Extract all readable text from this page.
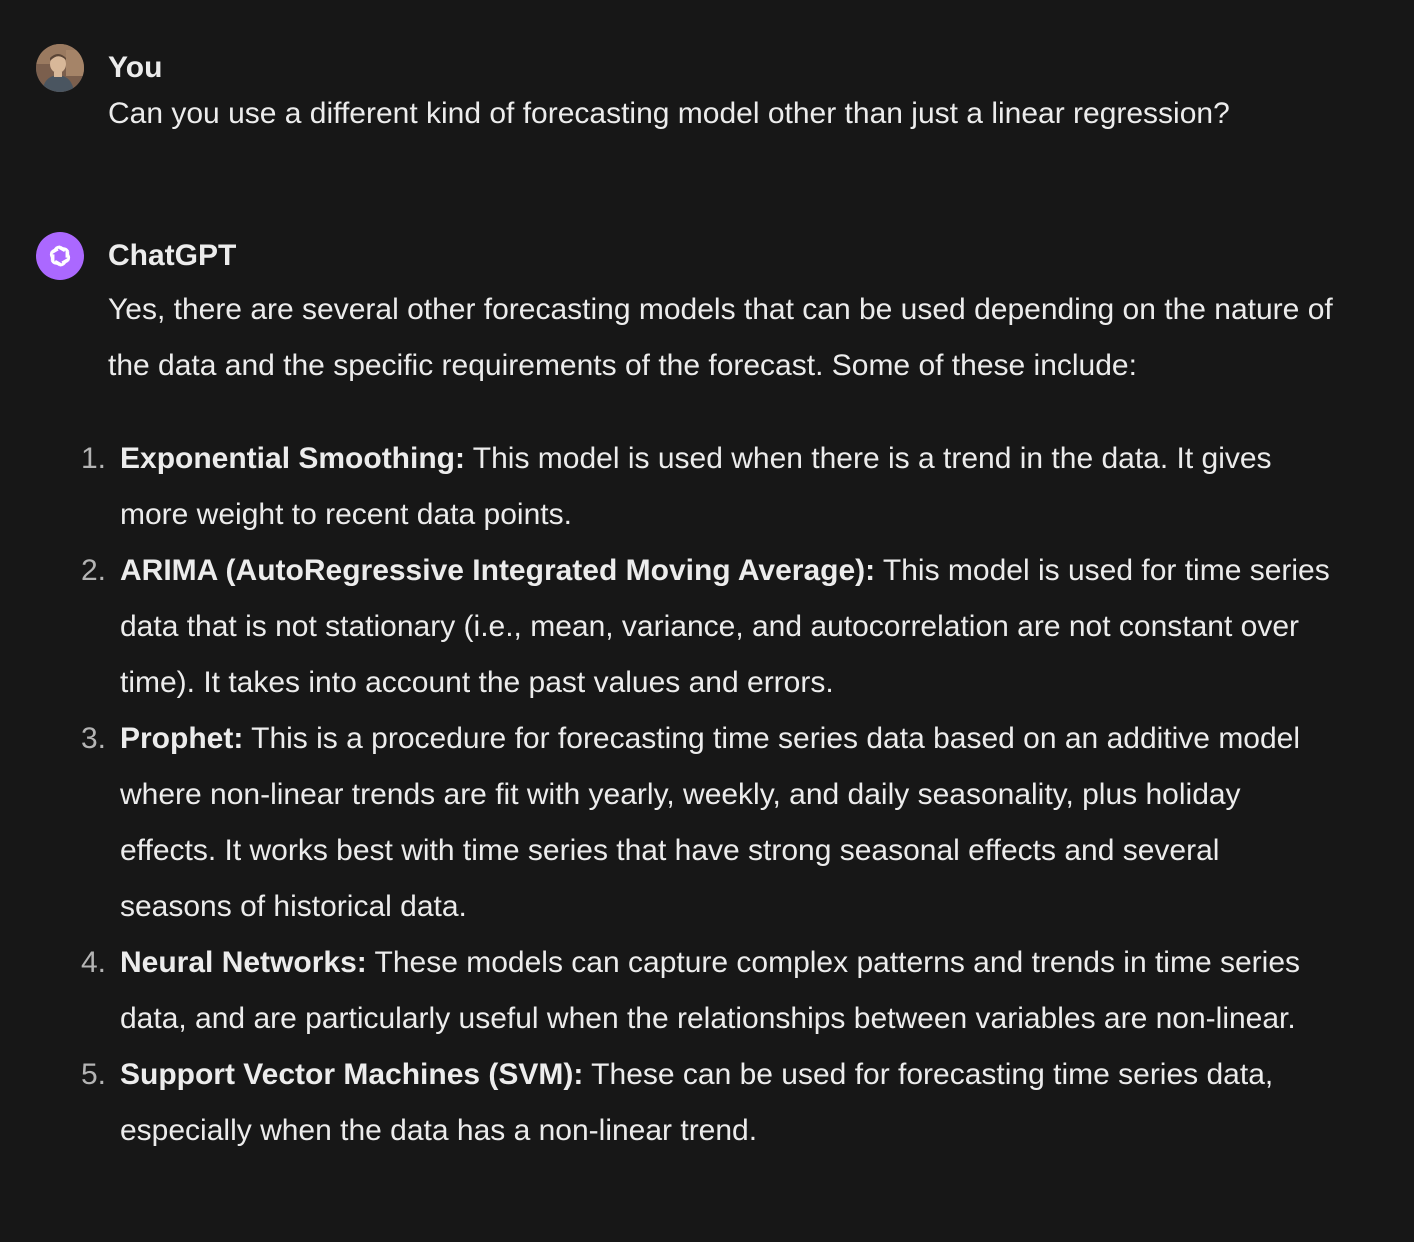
You
Can you use a different kind of forecasting model other than just a linear regression?
ChatGPT
Yes, there are several other forecasting models that can be used depending on the nature of the data and the specific requirements of the forecast. Some of these include:
1. Exponential Smoothing: This model is used when there is a trend in the data. It gives more weight to recent data points.
2. ARIMA (AutoRegressive Integrated Moving Average): This model is used for time series data that is not stationary (i.e., mean, variance, and autocorrelation are not constant over time). It takes into account the past values and errors.
3. Prophet: This is a procedure for forecasting time series data based on an additive model where non-linear trends are fit with yearly, weekly, and daily seasonality, plus holiday effects. It works best with time series that have strong seasonal effects and several seasons of historical data.
4. Neural Networks: These models can capture complex patterns and trends in time series data, and are particularly useful when the relationships between variables are non-linear.
5. Support Vector Machines (SVM): These can be used for forecasting time series data, especially when the data has a non-linear trend.
